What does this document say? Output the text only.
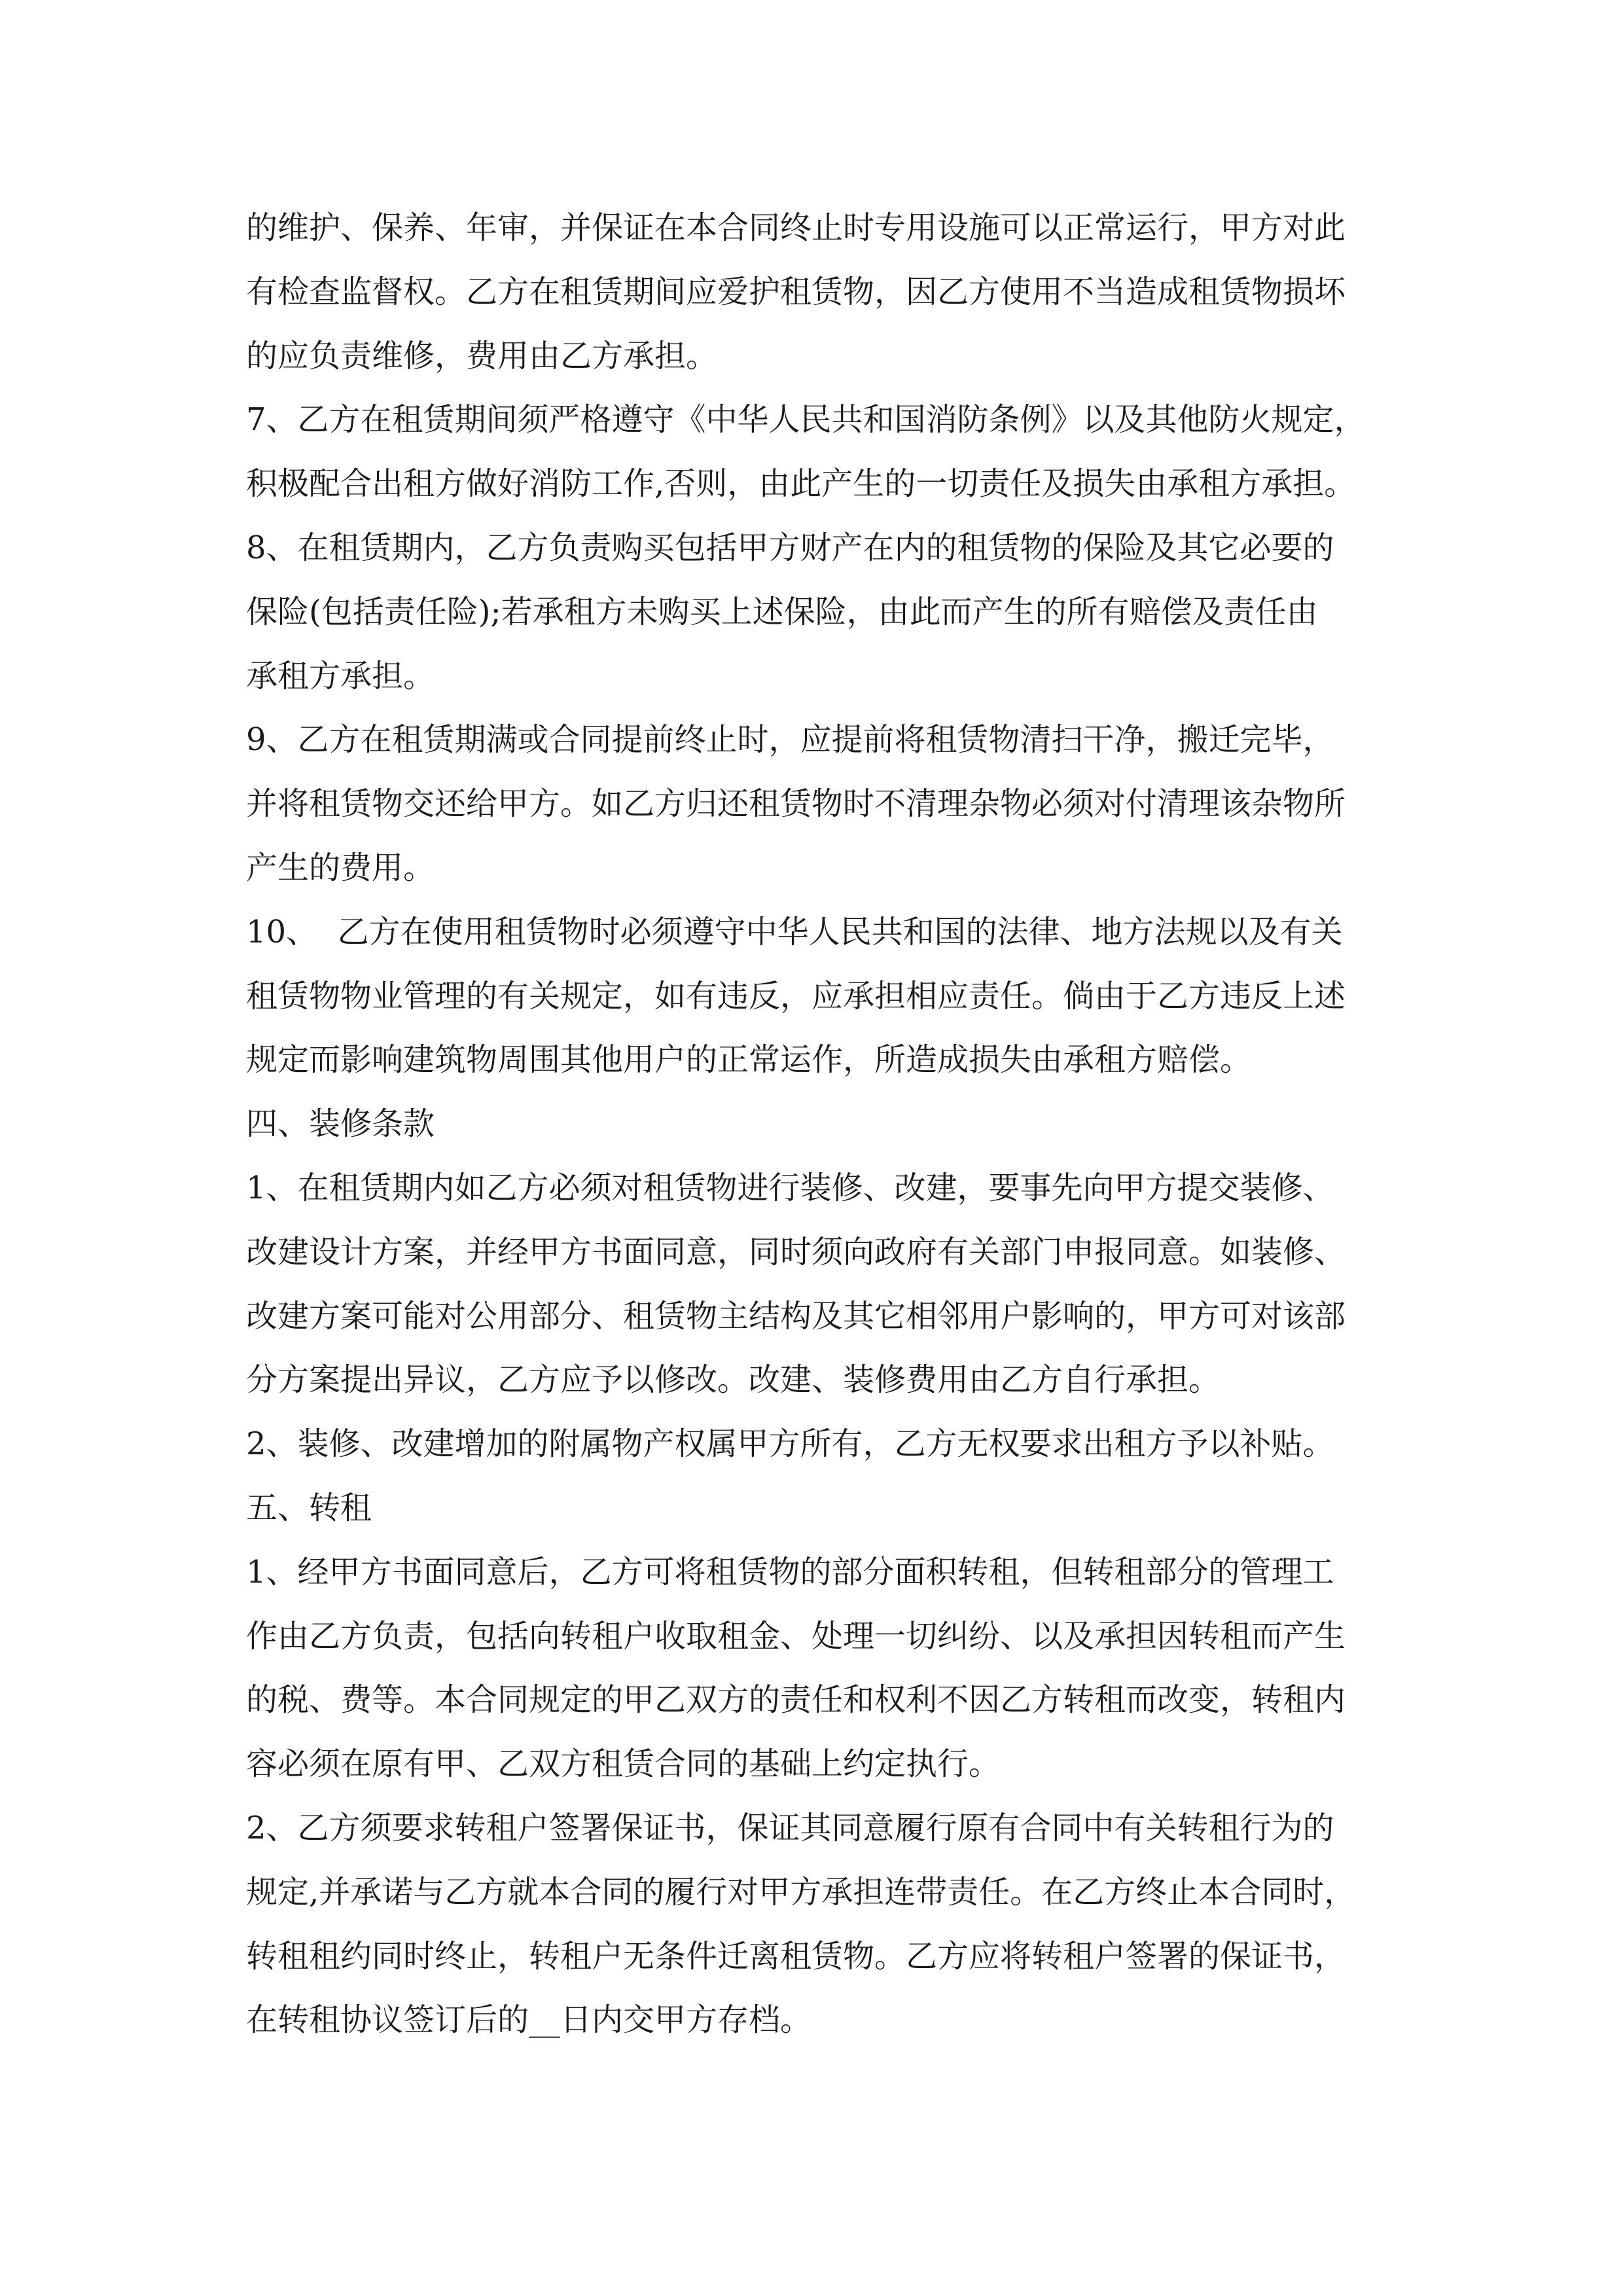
的维护、保养、年审，并保证在本合同终止时专用设施可以正常运行，甲方对此
有检查监督权。乙方在租赁期间应爱护租赁物，因乙方使用不当造成租赁物损坏
的应负责维修，费用由乙方承担。
7、乙方在租赁期间须严格遵守《中华人民共和国消防条例》以及其他防火规定，
积极配合出租方做好消防工作,否则，由此产生的一切责任及损失由承租方承担。
8、在租赁期内，乙方负责购买包括甲方财产在内的租赁物的保险及其它必要的
保险(包括责任险);若承租方未购买上述保险，由此而产生的所有赔偿及责任由
承租方承担。
9、乙方在租赁期满或合同提前终止时，应提前将租赁物清扫干净，搬迁完毕，
并将租赁物交还给甲方。如乙方归还租赁物时不清理杂物必须对付清理该杂物所
产生的费用。
10、  乙方在使用租赁物时必须遵守中华人民共和国的法律、地方法规以及有关
租赁物物业管理的有关规定，如有违反，应承担相应责任。倘由于乙方违反上述
规定而影响建筑物周围其他用户的正常运作，所造成损失由承租方赔偿。
四、装修条款
1、在租赁期内如乙方必须对租赁物进行装修、改建，要事先向甲方提交装修、
改建设计方案，并经甲方书面同意，同时须向政府有关部门申报同意。如装修、
改建方案可能对公用部分、租赁物主结构及其它相邻用户影响的，甲方可对该部
分方案提出异议，乙方应予以修改。改建、装修费用由乙方自行承担。
2、装修、改建增加的附属物产权属甲方所有，乙方无权要求出租方予以补贴。
五、转租
1、经甲方书面同意后，乙方可将租赁物的部分面积转租，但转租部分的管理工
作由乙方负责，包括向转租户收取租金、处理一切纠纷、以及承担因转租而产生
的税、费等。本合同规定的甲乙双方的责任和权利不因乙方转租而改变，转租内
容必须在原有甲、乙双方租赁合同的基础上约定执行。
2、乙方须要求转租户签署保证书，保证其同意履行原有合同中有关转租行为的
规定,并承诺与乙方就本合同的履行对甲方承担连带责任。在乙方终止本合同时，
转租租约同时终止，转租户无条件迁离租赁物。乙方应将转租户签署的保证书，
在转租协议签订后的__日内交甲方存档。
